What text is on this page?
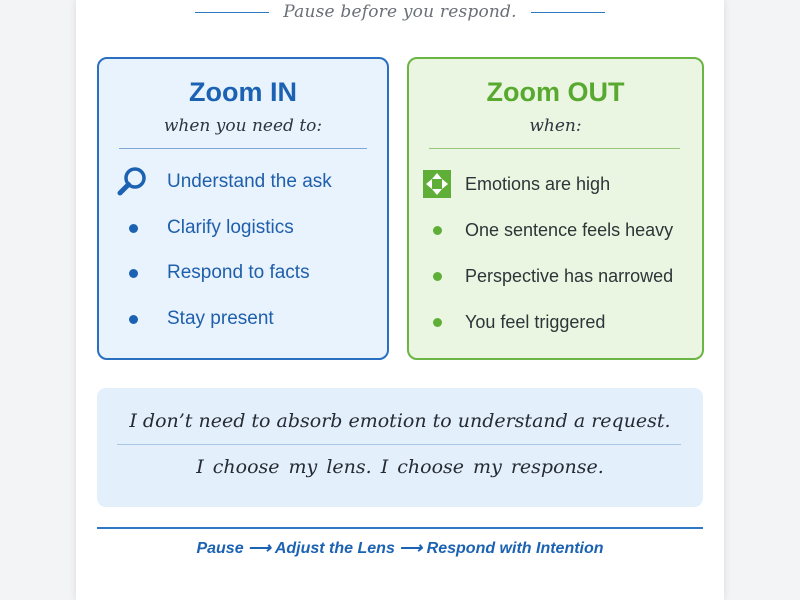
Pause before you respond.
Zoom IN
when you need to:
Understand the ask
Clarify logistics
Respond to facts
Stay present
Zoom OUT
when:
Emotions are high
One sentence feels heavy
Perspective has narrowed
You feel triggered
I don’t need to absorb emotion to understand a request.
I choose my lens. I choose my response.
Pause ⟶ Adjust the Lens ⟶ Respond with Intention
